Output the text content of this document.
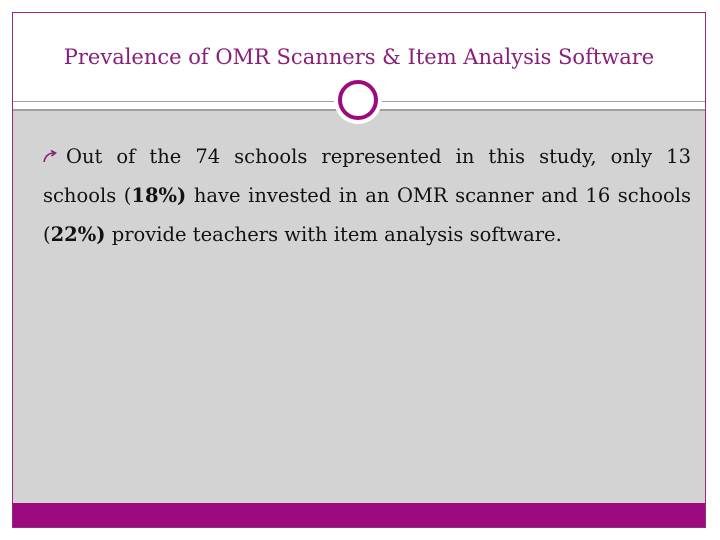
Prevalence of OMR Scanners & Item Analysis Software
Out of the 74 schools represented in this study, only 13 schools (18%) have invested in an OMR scanner and 16 schools (22%) provide teachers with item analysis software.
